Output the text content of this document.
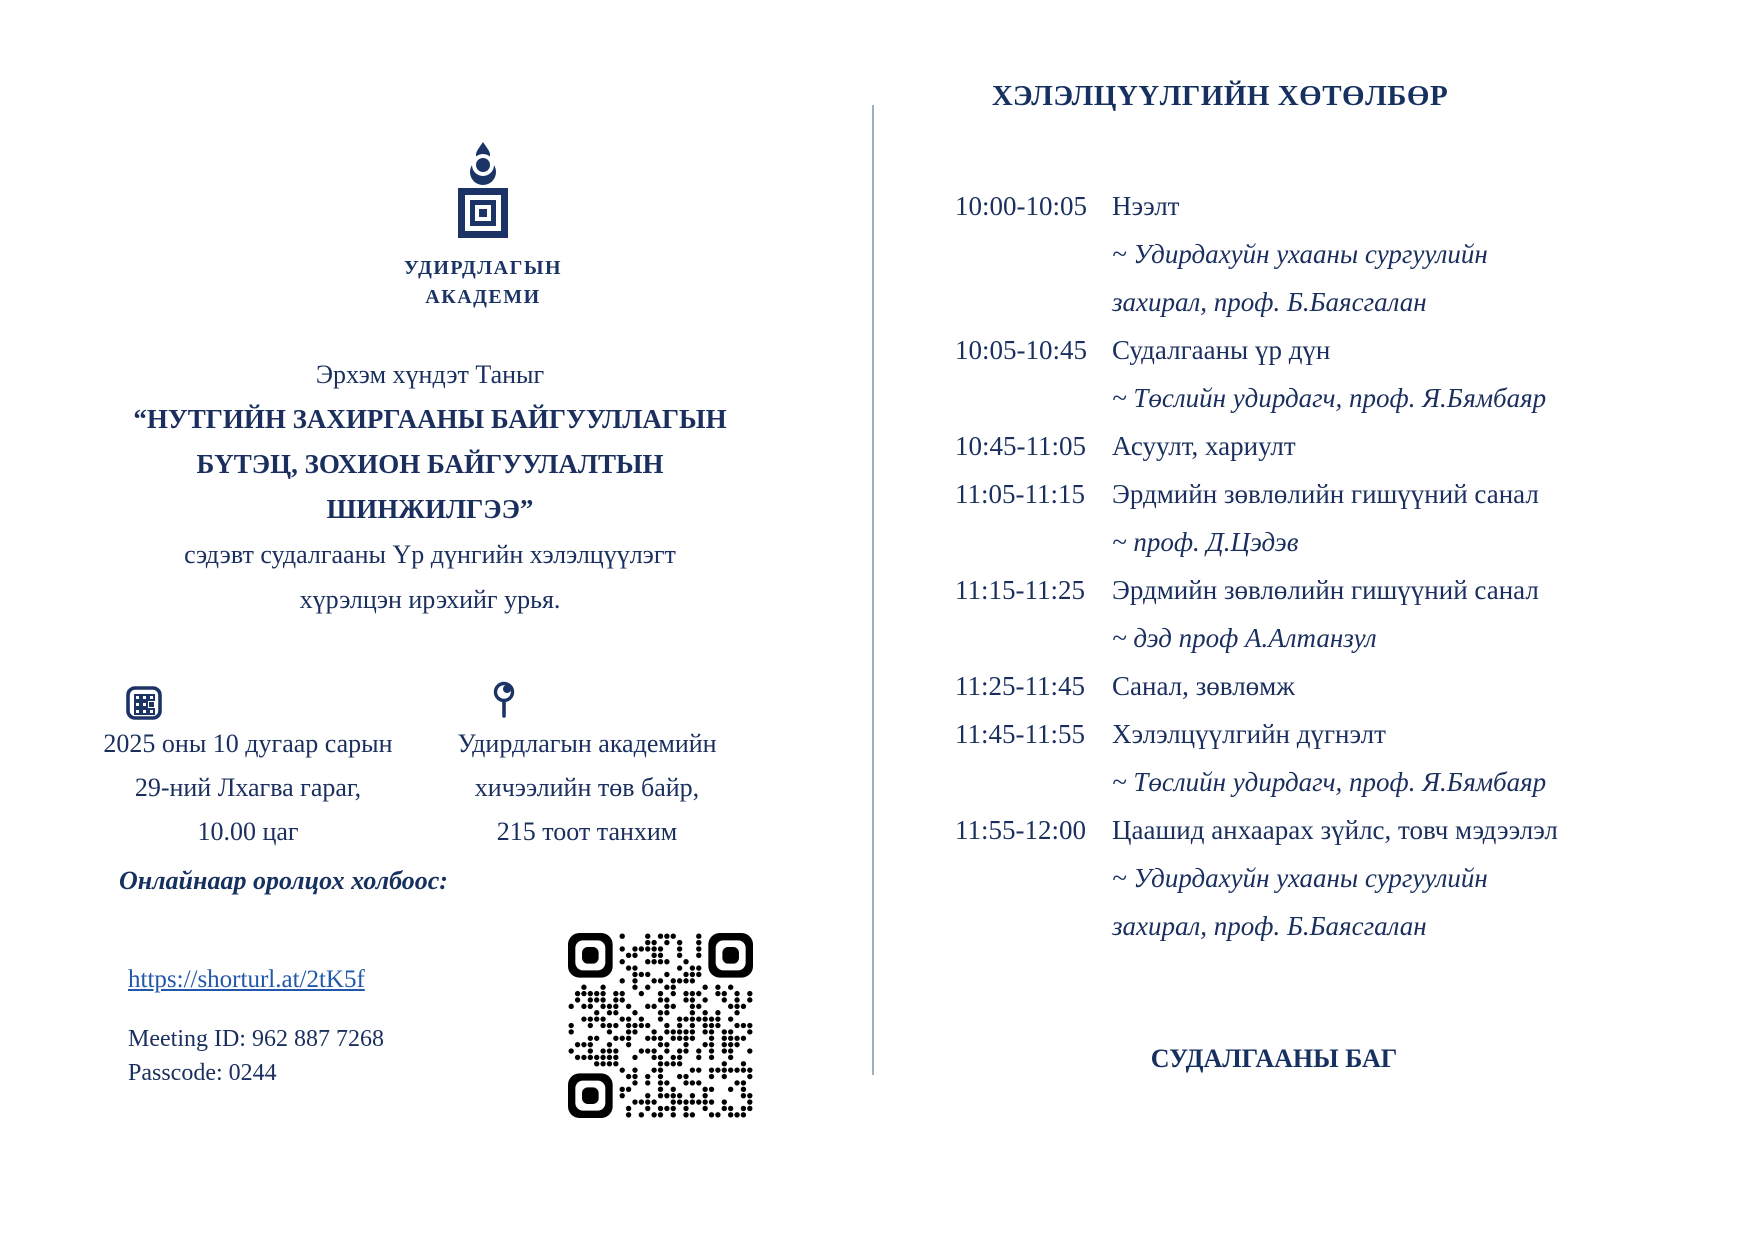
УДИРДЛАГЫН
АКАДЕМИ
Эрхэм хүндэт Таныг
“НУТГИЙН ЗАХИРГААНЫ БАЙГУУЛЛАГЫН
БҮТЭЦ, ЗОХИОН БАЙГУУЛАЛТЫН
ШИНЖИЛГЭЭ”
сэдэвт судалгааны Үр дүнгийн хэлэлцүүлэгт
хүрэлцэн ирэхийг урья.
2025 оны 10 дугаар сарын
29-ний Лхагва гараг,
10.00 цаг
Удирдлагын академийн
хичээлийн төв байр,
215 тоот танхим
Онлайнаар оролцох холбоос:
https://shorturl.at/2tK5f
Meeting ID: 962 887 7268
Passcode: 0244
ХЭЛЭЛЦҮҮЛГИЙН ХӨТӨЛБӨР
10:00-10:05 Нээлт
~ Удирдахуйн ухааны сургуулийн захирал, проф. Б.Баясгалан
10:05-10:45 Судалгааны үр дүн
~ Төслийн удирдагч, проф. Я.Бямбаяр
10:45-11:05 Асуулт, хариулт
11:05-11:15	Эрдмийн зөвлөлийн гишүүний санал
~ проф. Д.Цэдэв
11:15-11:25	Эрдмийн зөвлөлийн гишүүний санал
~ дэд проф А.Алтанзул
11:25-11:45	Санал, зөвлөмж
11:45-11:55	Хэлэлцүүлгийн дүгнэлт
~ Төслийн удирдагч, проф. Я.Бямбаяр
11:55-12:00 Цаашид анхаарах зүйлс, товч мэдээлэл
~ Удирдахуйн ухааны сургуулийн захирал, проф. Б.Баясгалан
СУДАЛГААНЫ БАГ
